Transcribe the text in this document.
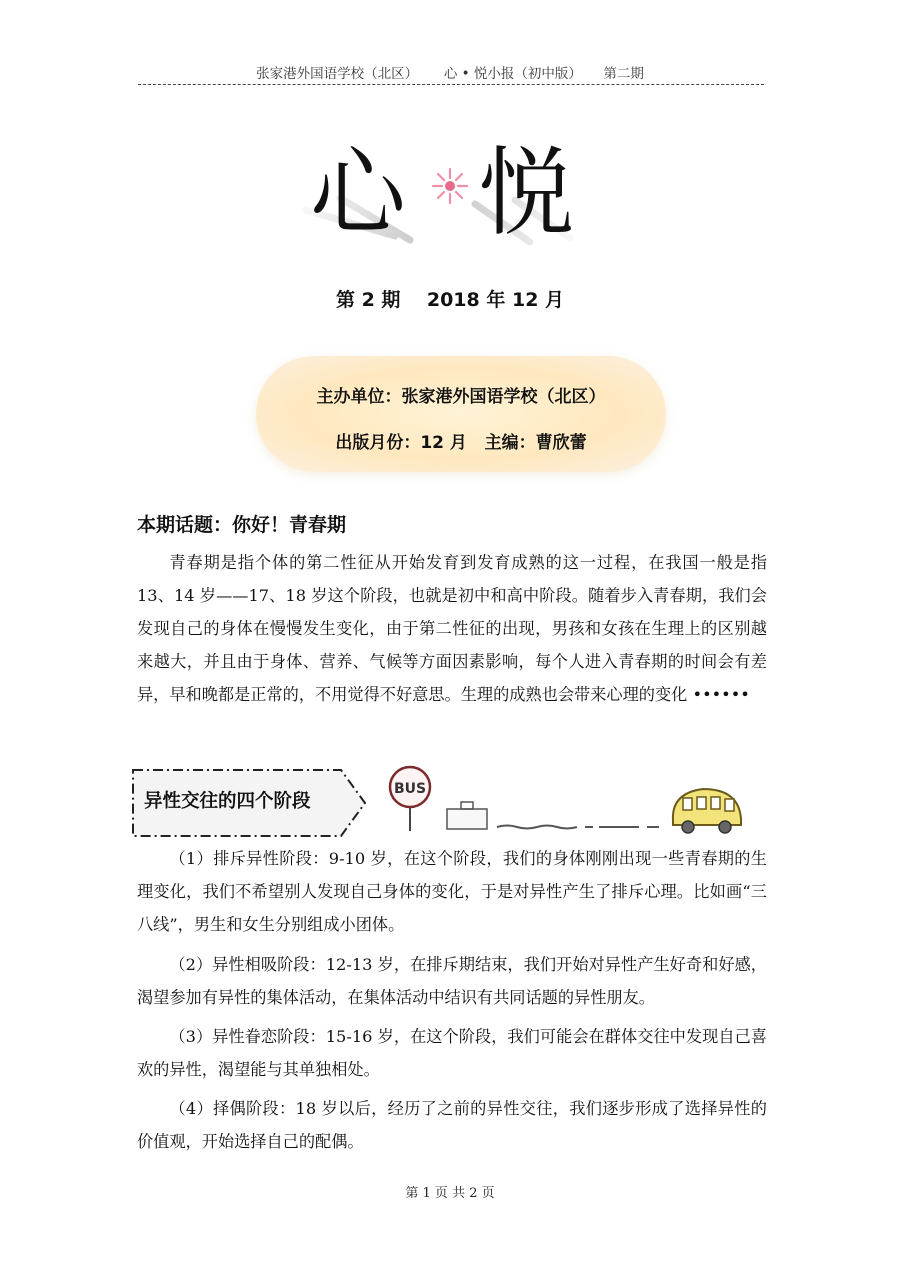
张家港外国语学校（北区）      心 • 悦小报（初中版）     第二期
心 悦
第 2 期    2018 年 12 月
主办单位：张家港外国语学校（北区）
出版月份：12 月   主编：曹欣蕾
本期话题：你好！青春期

青春期是指个体的第二性征从开始发育到发育成熟的这一过程，在我国一般是指 13、14 岁——17、18 岁这个阶段，也就是初中和高中阶段。随着步入青春期，我们会发现自己的身体在慢慢发生变化，由于第二性征的出现，男孩和女孩在生理上的区别越来越大，并且由于身体、营养、气候等方面因素影响，每个人进入青春期的时间会有差异，早和晚都是正常的，不用觉得不好意思。生理的成熟也会带来心理的变化 ••••••

异性交往的四个阶段
BUS

（1）排斥异性阶段：9-10 岁，在这个阶段，我们的身体刚刚出现一些青春期的生理变化，我们不希望别人发现自己身体的变化，于是对异性产生了排斥心理。比如画“三八线”，男生和女生分别组成小团体。

（2）异性相吸阶段：12-13 岁，在排斥期结束，我们开始对异性产生好奇和好感，渴望参加有异性的集体活动，在集体活动中结识有共同话题的异性朋友。

（3）异性眷恋阶段：15-16 岁，在这个阶段，我们可能会在群体交往中发现自己喜欢的异性，渴望能与其单独相处。

（4）择偶阶段：18 岁以后，经历了之前的异性交往，我们逐步形成了选择异性的价值观，开始选择自己的配偶。

第 1 页 共 2 页
